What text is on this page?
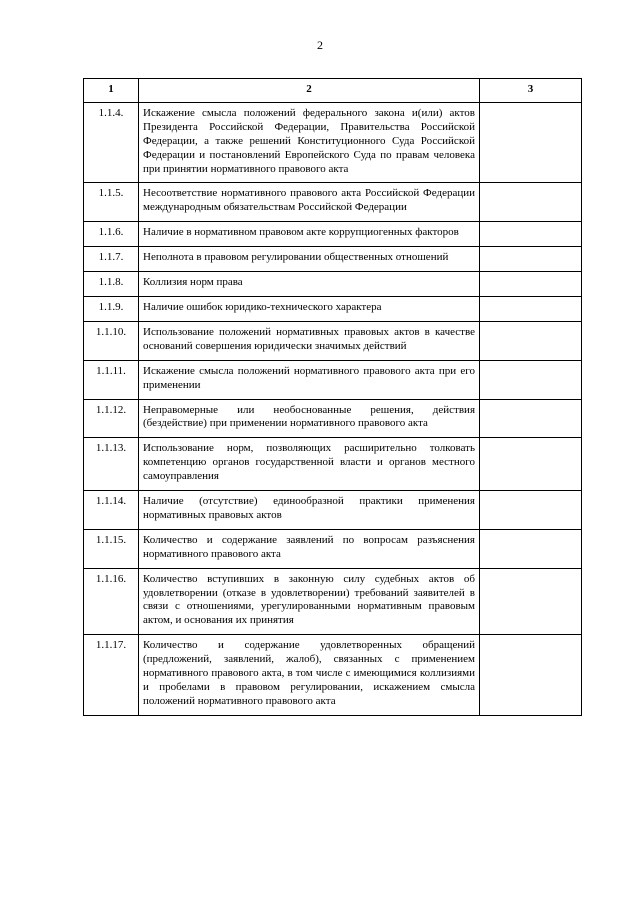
2
1	2	3
1.1.4.	Искажение смысла положений федерального закона и(или) актов Президента Российской Федерации, Правительства Российской Федерации, а также решений Конституционного Суда Российской Федерации и постановлений Европейского Суда по правам человека при принятии нормативного правового акта	
1.1.5.	Несоответствие нормативного правового акта Российской Федерации международным обязательствам Российской Федерации	
1.1.6.	Наличие в нормативном правовом акте коррупциогенных факторов	
1.1.7.	Неполнота в правовом регулировании общественных отношений	
1.1.8.	Коллизия норм права	
1.1.9.	Наличие ошибок юридико-технического характера	
1.1.10.	Использование положений нормативных правовых актов в качестве оснований совершения юридически значимых действий	
1.1.11.	Искажение смысла положений нормативного правового акта при его применении	
1.1.12.	Неправомерные или необоснованные решения, действия (бездействие) при применении нормативного правового акта	
1.1.13.	Использование норм, позволяющих расширительно толковать компетенцию органов государственной власти и органов местного самоуправления	
1.1.14.	Наличие (отсутствие) единообразной практики применения нормативных правовых актов	
1.1.15.	Количество и содержание заявлений по вопросам разъяснения нормативного правового акта	
1.1.16.	Количество вступивших в законную силу судебных актов об удовлетворении (отказе в удовлетворении) требований заявителей в связи с отношениями, урегулированными нормативным правовым актом, и основания их принятия	
1.1.17.	Количество и содержание удовлетворенных обращений (предложений, заявлений, жалоб), связанных с применением нормативного правового акта, в том числе с имеющимися коллизиями и пробелами в правовом регулировании, искажением смысла положений нормативного правового акта	
